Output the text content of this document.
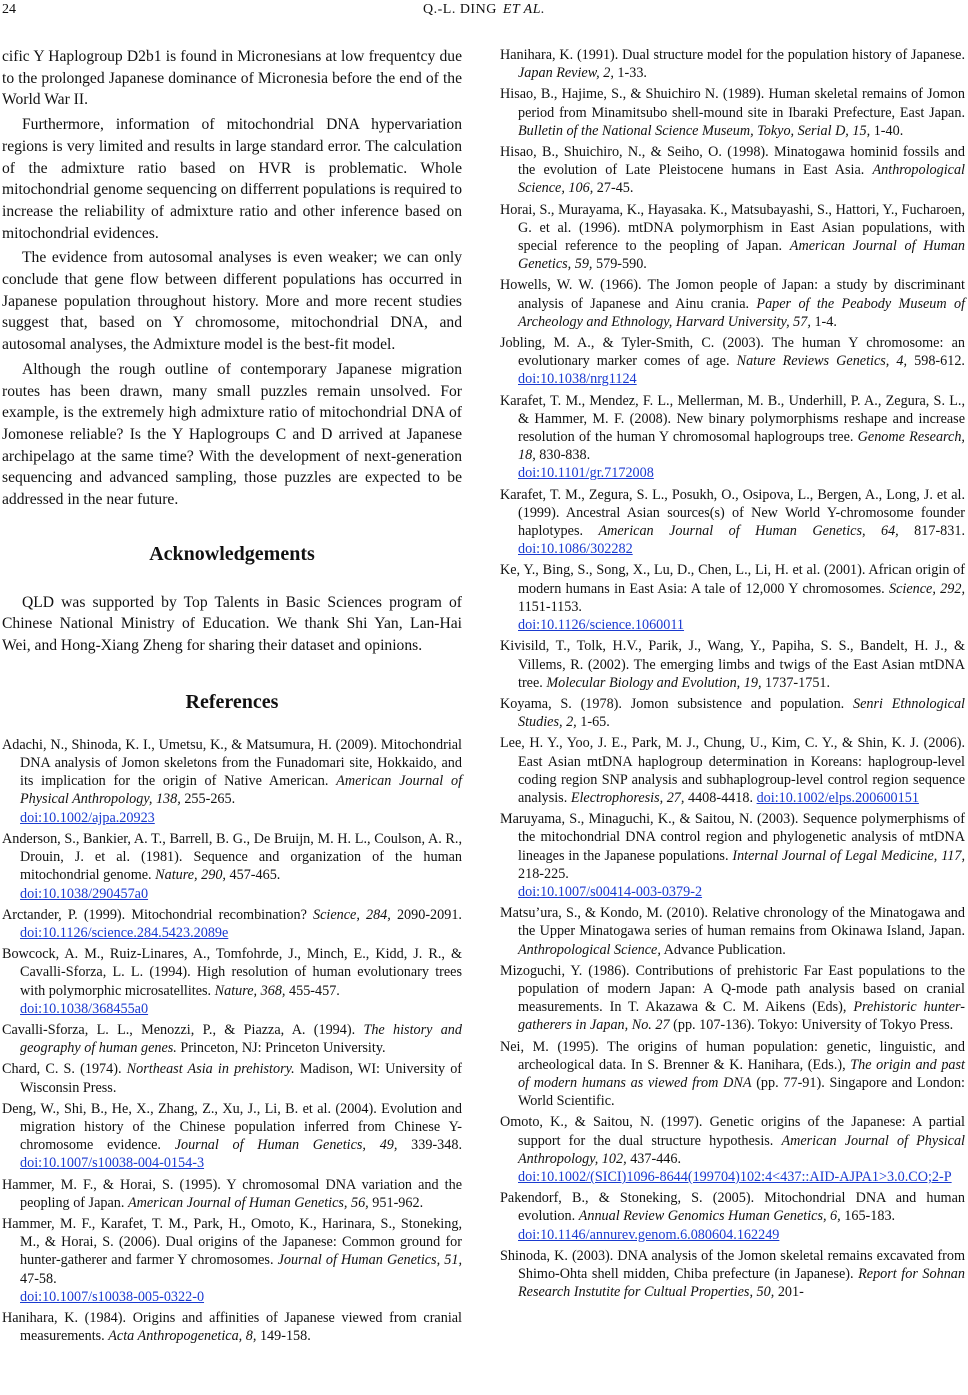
24	Q.-L. DING ET AL.

cific Y Haplogroup D2b1 is found in Micronesians at low frequentcy due to the prolonged Japanese dominance of Micronesia before the end of the World War II.

Furthermore, information of mitochondrial DNA hypervariation regions is very limited and results in large standard error. The calculation of the admixture ratio based on HVR is problematic. Whole mitochondrial genome sequencing on differrent populations is required to increase the reliability of admixture ratio and other inference based on mitochondrial evidences.

The evidence from autosomal analyses is even weaker; we can only conclude that gene flow between different populations has occurred in Japanese population throughout history. More and more recent studies suggest that, based on Y chromosome, mitochondrial DNA, and autosomal analyses, the Admixture model is the best-fit model.

Although the rough outline of contemporary Japanese migration routes has been drawn, many small puzzles remain unsolved. For example, is the extremely high admixture ratio of mitochondrial DNA of Jomonese reliable? Is the Y Haplogroups C and D arrived at Japanese archipelago at the same time? With the development of next-generation sequencing and advanced sampling, those puzzles are expected to be addressed in the near future.

Acknowledgements

QLD was supported by Top Talents in Basic Sciences program of Chinese National Ministry of Education. We thank Shi Yan, Lan-Hai Wei, and Hong-Xiang Zheng for sharing their dataset and opinions.

References

Adachi, N., Shinoda, K. I., Umetsu, K., & Matsumura, H. (2009). Mitochondrial DNA analysis of Jomon skeletons from the Funadomari site, Hokkaido, and its implication for the origin of Native American. American Journal of Physical Anthropology, 138, 255-265.
doi:10.1002/ajpa.20923

Anderson, S., Bankier, A. T., Barrell, B. G., De Bruijn, M. H. L., Coulson, A. R., Drouin, J. et al. (1981). Sequence and organization of the human mitochondrial genome. Nature, 290, 457-465.
doi:10.1038/290457a0

Arctander, P. (1999). Mitochondrial recombination? Science, 284, 2090-2091. doi:10.1126/science.284.5423.2089e

Bowcock, A. M., Ruiz-Linares, A., Tomfohrde, J., Minch, E., Kidd, J. R., & Cavalli-Sforza, L. L. (1994). High resolution of human evolutionary trees with polymorphic microsatellites. Nature, 368, 455-457.
doi:10.1038/368455a0

Cavalli-Sforza, L. L., Menozzi, P., & Piazza, A. (1994). The history and geography of human genes. Princeton, NJ: Princeton University.

Chard, C. S. (1974). Northeast Asia in prehistory. Madison, WI: University of Wisconsin Press.

Deng, W., Shi, B., He, X., Zhang, Z., Xu, J., Li, B. et al. (2004). Evolution and migration history of the Chinese population inferred from Chinese Y-chromosome evidence. Journal of Human Genetics, 49, 339-348. doi:10.1007/s10038-004-0154-3

Hammer, M. F., & Horai, S. (1995). Y chromosomal DNA variation and the peopling of Japan. American Journal of Human Genetics, 56, 951-962.

Hammer, M. F., Karafet, T. M., Park, H., Omoto, K., Harinara, S., Stoneking, M., & Horai, S. (2006). Dual origins of the Japanese: Common ground for hunter-gatherer and farmer Y chromosomes. Journal of Human Genetics, 51, 47-58.
doi:10.1007/s10038-005-0322-0

Hanihara, K. (1984). Origins and affinities of Japanese viewed from cranial measurements. Acta Anthropogenetica, 8, 149-158.

Hanihara, K. (1991). Dual structure model for the population history of Japanese. Japan Review, 2, 1-33.

Hisao, B., Hajime, S., & Shuichiro N. (1989). Human skeletal remains of Jomon period from Minamitsubo shell-mound site in Ibaraki Prefecture, East Japan. Bulletin of the National Science Museum, Tokyo, Serial D, 15, 1-40.

Hisao, B., Shuichiro, N., & Seiho, O. (1998). Minatogawa hominid fossils and the evolution of Late Pleistocene humans in East Asia. Anthropological Science, 106, 27-45.

Horai, S., Murayama, K., Hayasaka. K., Matsubayashi, S., Hattori, Y., Fucharoen, G. et al. (1996). mtDNA polymorphism in East Asian populations, with special reference to the peopling of Japan. American Journal of Human Genetics, 59, 579-590.

Howells, W. W. (1966). The Jomon people of Japan: a study by discriminant analysis of Japanese and Ainu crania. Paper of the Peabody Museum of Archeology and Ethnology, Harvard University, 57, 1-4.

Jobling, M. A., & Tyler-Smith, C. (2003). The human Y chromosome: an evolutionary marker comes of age. Nature Reviews Genetics, 4, 598-612. doi:10.1038/nrg1124

Karafet, T. M., Mendez, F. L., Mellerman, M. B., Underhill, P. A., Zegura, S. L., & Hammer, M. F. (2008). New binary polymorphisms reshape and increase resolution of the human Y chromosomal haplogroups tree. Genome Research, 18, 830-838.
doi:10.1101/gr.7172008

Karafet, T. M., Zegura, S. L., Posukh, O., Osipova, L., Bergen, A., Long, J. et al. (1999). Ancestral Asian sources(s) of New World Y-chromosome founder haplotypes. American Journal of Human Genetics, 64, 817-831. doi:10.1086/302282

Ke, Y., Bing, S., Song, X., Lu, D., Chen, L., Li, H. et al. (2001). African origin of modern humans in East Asia: A tale of 12,000 Y chromosomes. Science, 292, 1151-1153.
doi:10.1126/science.1060011

Kivisild, T., Tolk, H.V., Parik, J., Wang, Y., Papiha, S. S., Bandelt, H. J., & Villems, R. (2002). The emerging limbs and twigs of the East Asian mtDNA tree. Molecular Biology and Evolution, 19, 1737-1751.

Koyama, S. (1978). Jomon subsistence and population. Senri Ethnological Studies, 2, 1-65.

Lee, H. Y., Yoo, J. E., Park, M. J., Chung, U., Kim, C. Y., & Shin, K. J. (2006). East Asian mtDNA haplogroup determination in Koreans: haplogroup-level coding region SNP analysis and subhaplogroup-level control region sequence analysis. Electrophoresis, 27, 4408-4418. doi:10.1002/elps.200600151

Maruyama, S., Minaguchi, K., & Saitou, N. (2003). Sequence polymerphisms of the mitochondrial DNA control region and phylogenetic analysis of mtDNA lineages in the Japanese populations. Internal Journal of Legal Medicine, 117, 218-225.
doi:10.1007/s00414-003-0379-2

Matsu’ura, S., & Kondo, M. (2010). Relative chronology of the Minatogawa and the Upper Minatogawa series of human remains from Okinawa Island, Japan. Anthropological Science, Advance Publication.

Mizoguchi, Y. (1986). Contributions of prehistoric Far East populations to the population of modern Japan: A Q-mode path analysis based on cranial measurements. In T. Akazawa & C. M. Aikens (Eds), Prehistoric hunter-gatherers in Japan, No. 27 (pp. 107-136). Tokyo: University of Tokyo Press.

Nei, M. (1995). The origins of human population: genetic, linguistic, and archeological data. In S. Brenner & K. Hanihara, (Eds.), The origin and past of modern humans as viewed from DNA (pp. 77-91). Singapore and London: World Scientific.

Omoto, K., & Saitou, N. (1997). Genetic origins of the Japanese: A partial support for the dual structure hypothesis. American Journal of Physical Anthropology, 102, 437-446.
doi:10.1002/(SICI)1096-8644(199704)102:4<437::AID-AJPA1>3.0.CO;2-P

Pakendorf, B., & Stoneking, S. (2005). Mitochondrial DNA and human evolution. Annual Review Genomics Human Genetics, 6, 165-183.
doi:10.1146/annurev.genom.6.080604.162249

Shinoda, K. (2003). DNA analysis of the Jomon skeletal remains excavated from Shimo-Ohta shell midden, Chiba prefecture (in Japanese). Report for Sohnan Research Instutite for Cultual Properties, 50, 201-
